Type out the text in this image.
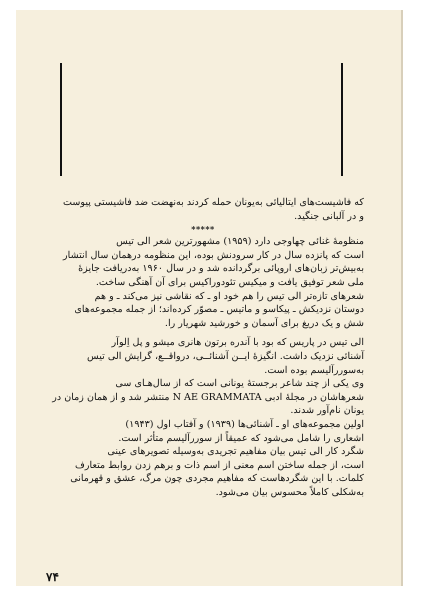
که فاشیست‌های ایتالیائی به‌یونان حمله کردند به‌نهضت ضد فاشیستی پیوست
و در آلبانی جنگید.
*****
منظومهٔ غنائی چهاوجی دارد (۱۹۵۹) مشهورترین شعر الی تیس
است که پانزده سال در کار سرودنش بوده، این منظومه درهمان سال انتشار
به‌بیش‌تر زبان‌های اروپائی برگردانده شد و در سال ۱۹۶۰ به‌دریافت جایزهٔ
ملی شعر توفیق یافت و میکیس تئودوراکیس برای آن آهنگی ساخت.
شعرهای تازه‌تر الی تیس را هم خود او ـ که نقاشی نیز می‌کند ـ و هم
دوستان نزدیکش ـ پیکاسو و ماتیس ـ مصوّر کرده‌اند؛ از جمله مجموعه‌های
شش و یک دریغ برای آسمان و خورشید شهریار را.
الی تیس در پاریس که بود با آندره برتون هانری میشو و پل اِلوآر
آشنائی نزدیک داشت. انگیزهٔ ایــن آشنائــی، درواقــع، گرایش الی تیس
به‌سوررآلیسم بوده است.
وی یکی از چند شاعر برجستهٔ یونانی است که از سال‌هـای سی
شعرهاشان در مجلهٔ ادبی N AE GRAMMATA منتشر شد و از همان زمان در
یونان نام‌آور شدند.
اولین مجموعه‌های او ـ آشنائی‌ها (۱۹۳۹) و آفتاب اول (۱۹۴۳)
اشعاری را شامل می‌شود که عمیقاً از سوررآلیسم متأثر است.
شگرد کار الی تیس بیان مفاهیم تجریدی به‌وسیله تصویرهای عینی
است، از جمله ساختن اسم معنی از اسم ذات و برهم زدن روابط متعارف
کلمات. با این شگردهاست که مفاهیم مجردی چون مرگ، عشق و قهرمانی
به‌شکلی کاملاً محسوس بیان می‌شود.
۷۴
